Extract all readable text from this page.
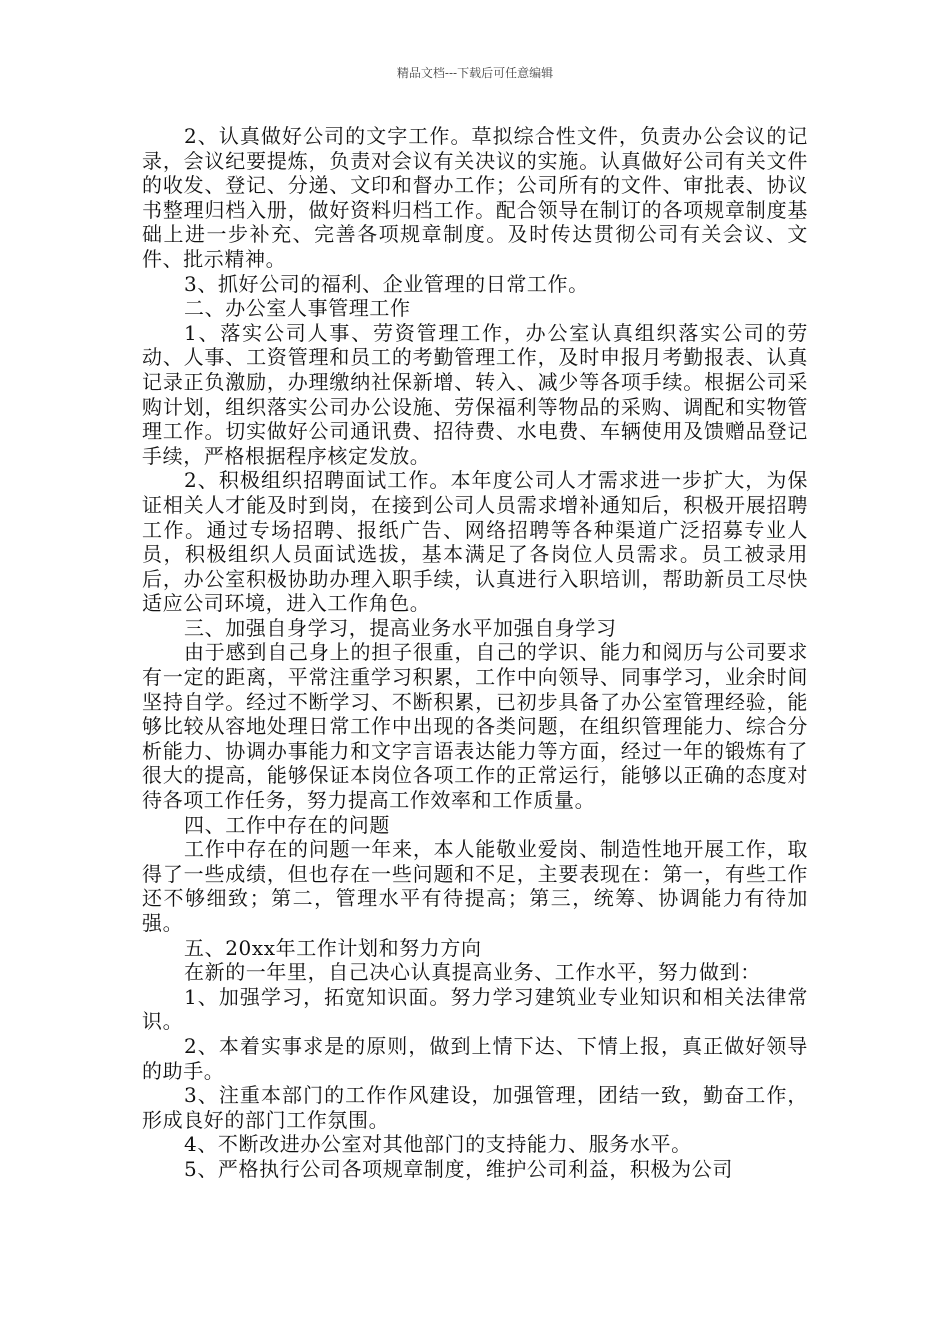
精品文档---下载后可任意编辑

2、认真做好公司的文字工作。草拟综合性文件，负责办公会议的记录，会议纪要提炼，负责对会议有关决议的实施。认真做好公司有关文件的收发、登记、分递、文印和督办工作；公司所有的文件、审批表、协议书整理归档入册，做好资料归档工作。配合领导在制订的各项规章制度基础上进一步补充、完善各项规章制度。及时传达贯彻公司有关会议、文件、批示精神。

3、抓好公司的福利、企业管理的日常工作。

二、办公室人事管理工作

1、落实公司人事、劳资管理工作，办公室认真组织落实公司的劳动、人事、工资管理和员工的考勤管理工作，及时申报月考勤报表、认真记录正负激励，办理缴纳社保新增、转入、减少等各项手续。根据公司采购计划，组织落实公司办公设施、劳保福利等物品的采购、调配和实物管理工作。切实做好公司通讯费、招待费、水电费、车辆使用及馈赠品登记手续，严格根据程序核定发放。

2、积极组织招聘面试工作。本年度公司人才需求进一步扩大，为保证相关人才能及时到岗，在接到公司人员需求增补通知后，积极开展招聘工作。通过专场招聘、报纸广告、网络招聘等各种渠道广泛招募专业人员，积极组织人员面试选拔，基本满足了各岗位人员需求。员工被录用后，办公室积极协助办理入职手续，认真进行入职培训，帮助新员工尽快适应公司环境，进入工作角色。

三、加强自身学习，提高业务水平加强自身学习

由于感到自己身上的担子很重，自己的学识、能力和阅历与公司要求有一定的距离，平常注重学习积累，工作中向领导、同事学习，业余时间坚持自学。经过不断学习、不断积累，已初步具备了办公室管理经验，能够比较从容地处理日常工作中出现的各类问题，在组织管理能力、综合分析能力、协调办事能力和文字言语表达能力等方面，经过一年的锻炼有了很大的提高，能够保证本岗位各项工作的正常运行，能够以正确的态度对待各项工作任务，努力提高工作效率和工作质量。

四、工作中存在的问题

工作中存在的问题一年来，本人能敬业爱岗、制造性地开展工作，取得了一些成绩，但也存在一些问题和不足，主要表现在：第一，有些工作还不够细致；第二，管理水平有待提高；第三，统筹、协调能力有待加强。

五、20xx年工作计划和努力方向

在新的一年里，自己决心认真提高业务、工作水平，努力做到：

1、加强学习，拓宽知识面。努力学习建筑业专业知识和相关法律常识。

2、本着实事求是的原则，做到上情下达、下情上报，真正做好领导的助手。

3、注重本部门的工作作风建设，加强管理，团结一致，勤奋工作，形成良好的部门工作氛围。

4、不断改进办公室对其他部门的支持能力、服务水平。

5、严格执行公司各项规章制度，维护公司利益，积极为公司
